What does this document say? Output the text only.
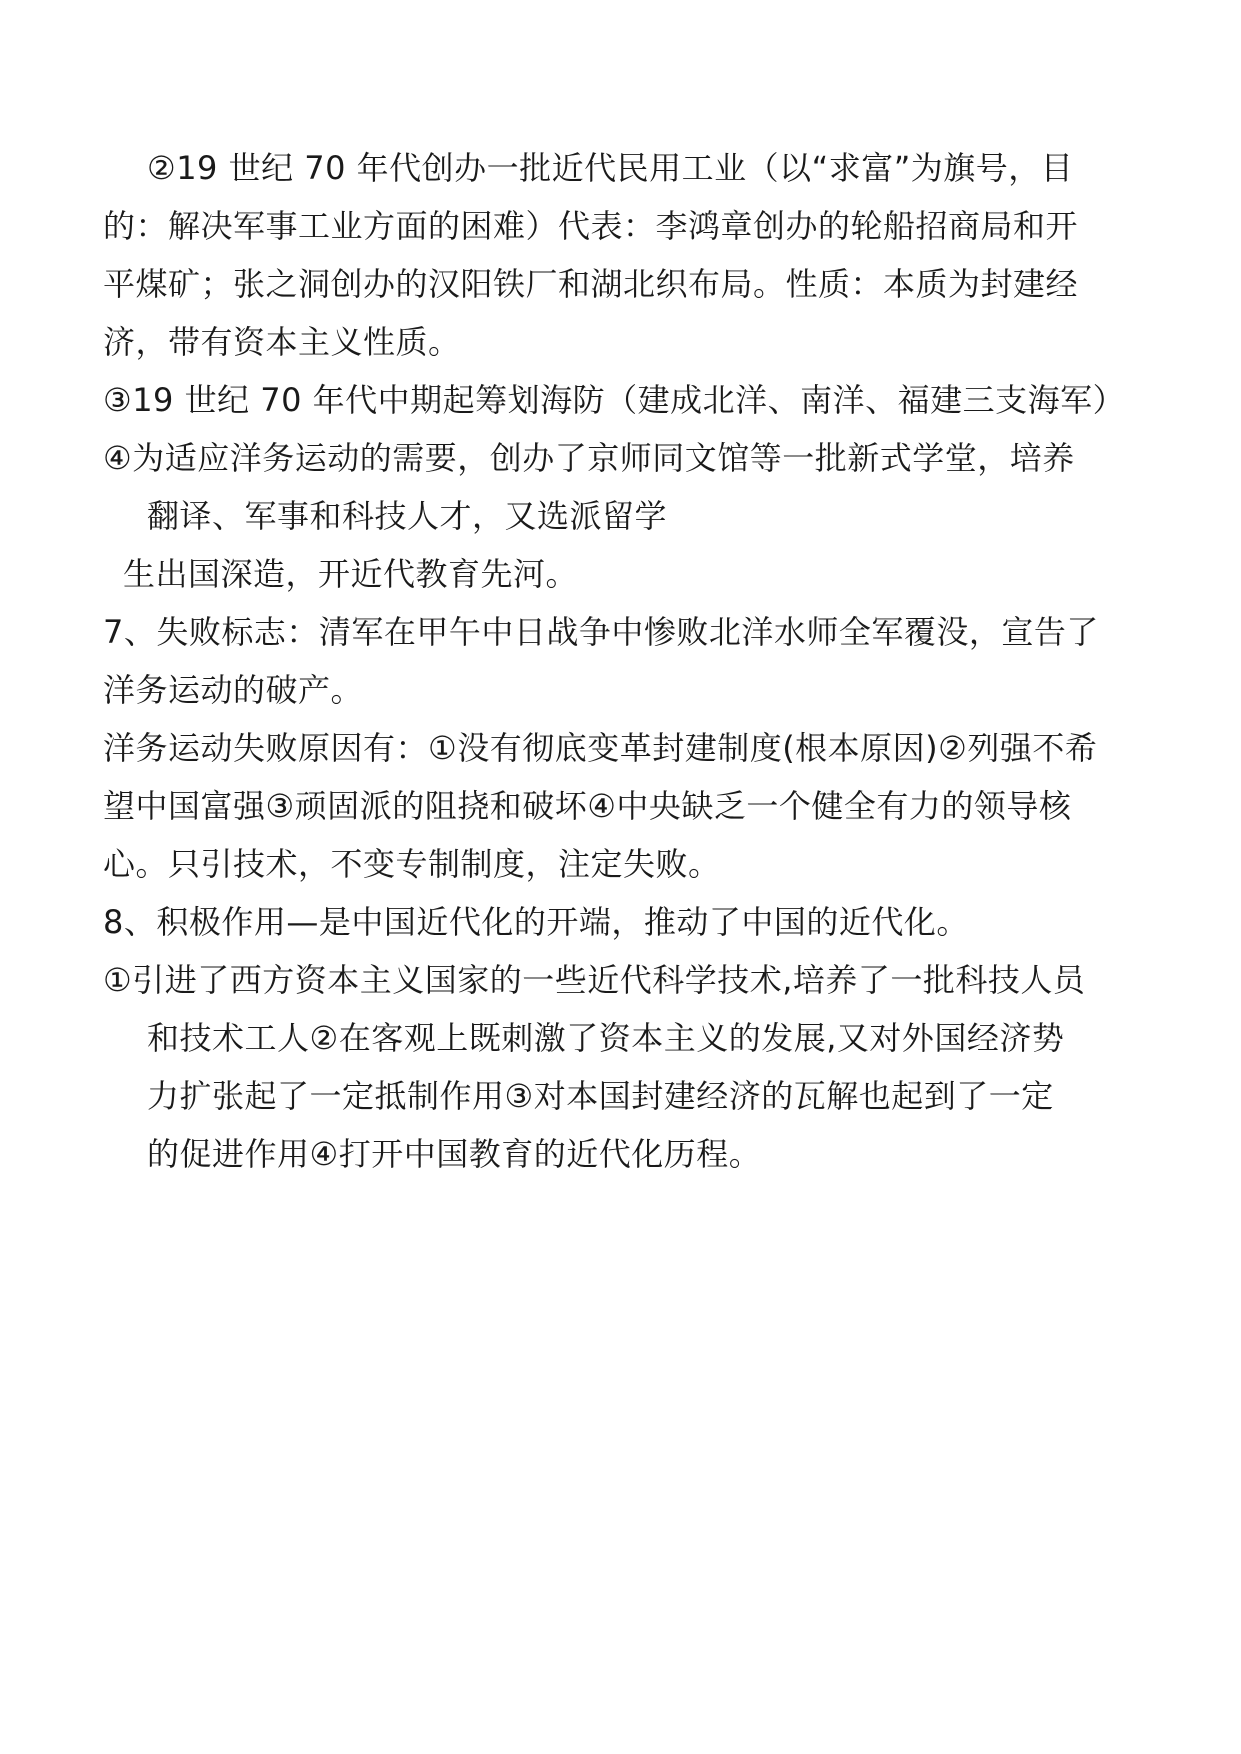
②19 世纪 70 年代创办一批近代民用工业（以“求富”为旗号，目
的：解决军事工业方面的困难）代表：李鸿章创办的轮船招商局和开
平煤矿；张之洞创办的汉阳铁厂和湖北织布局。性质：本质为封建经
济，带有资本主义性质。
③19 世纪 70 年代中期起筹划海防（建成北洋、南洋、福建三支海军）
④为适应洋务运动的需要，创办了京师同文馆等一批新式学堂，培养
翻译、军事和科技人才，又选派留学
生出国深造，开近代教育先河。
7、失败标志：清军在甲午中日战争中惨败北洋水师全军覆没，宣告了
洋务运动的破产。
洋务运动失败原因有：①没有彻底变革封建制度(根本原因)②列强不希
望中国富强③顽固派的阻挠和破坏④中央缺乏一个健全有力的领导核
心。只引技术，不变专制制度，注定失败。
8、积极作用—是中国近代化的开端，推动了中国的近代化。
①引进了西方资本主义国家的一些近代科学技术,培养了一批科技人员
和技术工人②在客观上既刺激了资本主义的发展,又对外国经济势
力扩张起了一定抵制作用③对本国封建经济的瓦解也起到了一定
的促进作用④打开中国教育的近代化历程。
